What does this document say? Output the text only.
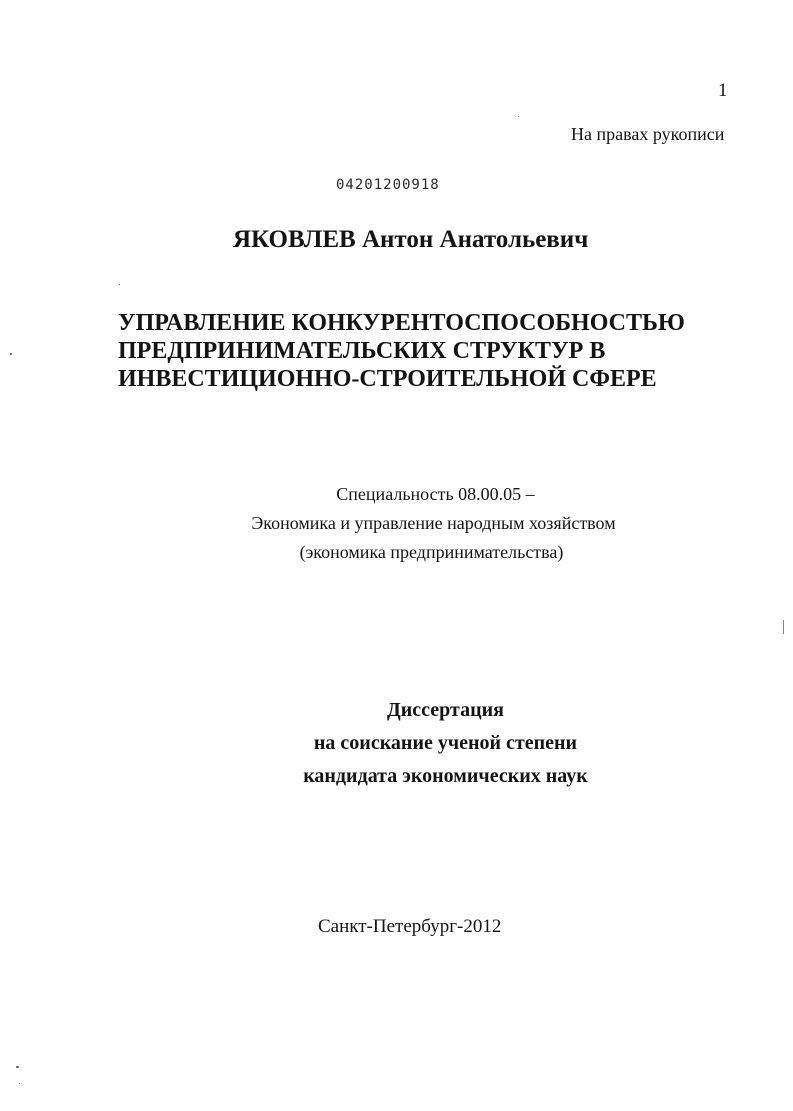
1
На правах рукописи
04201200918
ЯКОВЛЕВ Антон Анатольевич
УПРАВЛЕНИЕ КОНКУРЕНТОСПОСОБНОСТЬЮ
ПРЕДПРИНИМАТЕЛЬСКИХ СТРУКТУР В
ИНВЕСТИЦИОННО-СТРОИТЕЛЬНОЙ СФЕРЕ
Специальность 08.00.05 –
Экономика и управление народным хозяйством
(экономика предпринимательства)
Диссертация
на соискание ученой степени
кандидата экономических наук
Санкт-Петербург-2012
